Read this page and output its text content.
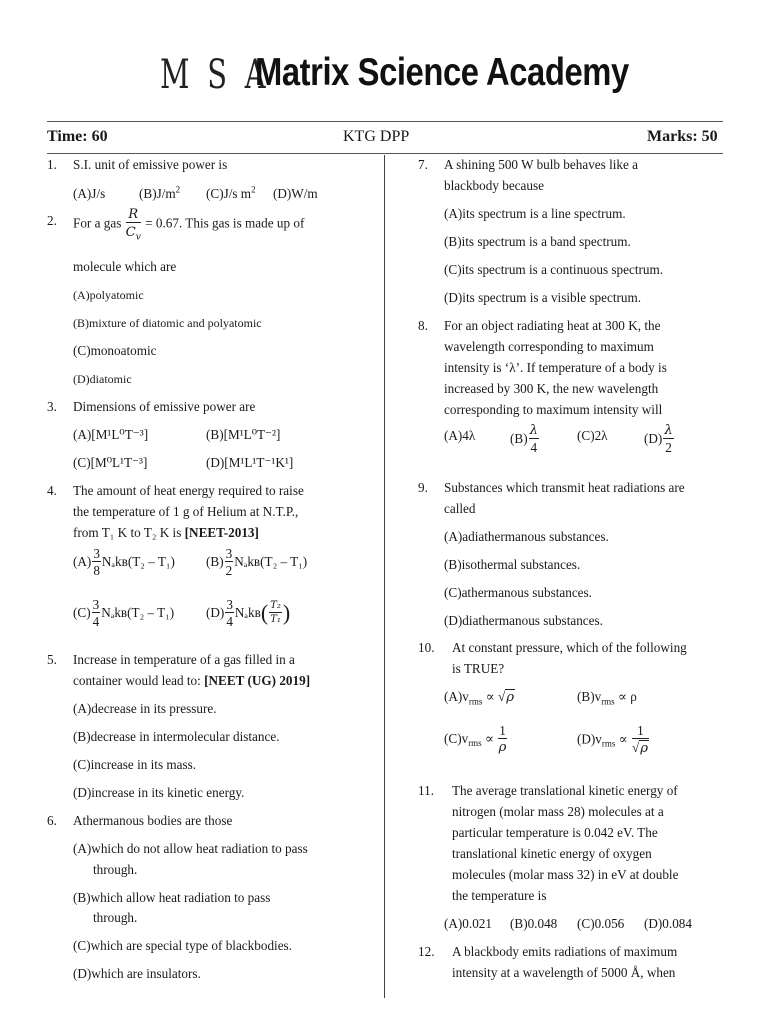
M S A
Matrix Science Academy
Time: 60	KTG DPP	Marks: 50
1. S.I. unit of emissive power is
(A)J/s	$(B)J/m^2$ (C)J/s $m^2$ (D)W/m
2. For a gas $\frac{R}{C_v} = 0.67$. This gas is made up of
molecule which are
(A)polyatomic
(B)mixture of diatomic and polyatomic
(C)monoatomic
(D)diatomic
3. Dimensions of emissive power are
(A)[M¹L⁰T⁻³]	(B)[M¹L⁰T⁻²]
(C)[M⁰L¹T⁻³]	(D)[M¹L¹T⁻¹K¹]
4. The amount of heat energy required to raise
the temperature of 1 g of Helium at N.T.P.,
from T₁ K to T₂ K is [NEET-2013]
$(A) \frac{3}{8}$ Nₐkʙ(T₂ – T₁) $(B) \frac{3}{2}$ Nₐkʙ(T₂ – T₁)
$(C) \frac{3}{4}$ Nₐkʙ(T₂ – T₁) $(D) \frac{3}{4}$ Nₐkʙ( $\frac{\text{T₂}}{\text{T₁}}$ )
5. Increase in temperature of a gas filled in a
container would lead to: [NEET (UG) 2019]
(A)decrease in its pressure.
(B)decrease in intermolecular distance.
(C)increase in its mass.
(D)increase in its kinetic energy.
6. Athermanous bodies are those
(A)which do not allow heat radiation to pass
through.
(B)which allow heat radiation to pass
through.
(C)which are special type of blackbodies.
(D)which are insulators.
7. A shining 500 W bulb behaves like a
blackbody because
(A)its spectrum is a line spectrum.
(B)its spectrum is a band spectrum.
(C)its spectrum is a continuous spectrum.
(D)its spectrum is a visible spectrum.
8. For an object radiating heat at 300 K, the
wavelength corresponding to maximum
intensity is ‘λ’. If temperature of a body is
increased by 300 K, the new wavelength
corresponding to maximum intensity will
(A)4λ	$(B) \frac{\lambda}{4}$	(C)2λ	$(D) \frac{\lambda}{2}$
9. Substances which transmit heat radiations are
called
(A)adiathermanous substances.
(B)isothermal substances.
(C)athermanous substances.
(D)diathermanous substances.
10. At constant pressure, which of the following
is TRUE?
$(A)v_{rms} \propto √\rho$	$(B)v_{rms} \propto \rho$
$(C)v_{rms} \propto \frac{1}{\rho}$	$(D)v_{rms} \propto \frac{1}{√\rho}$
11. The average translational kinetic energy of
nitrogen (molar mass 28) molecules at a
particular temperature is 0.042 eV. The
translational kinetic energy of oxygen
molecules (molar mass 32) in eV at double
the temperature is
(A)0.021 (B)0.048 (C)0.056 (D)0.084
12. A blackbody emits radiations of maximum
intensity at a wavelength of 5000 Å, when
